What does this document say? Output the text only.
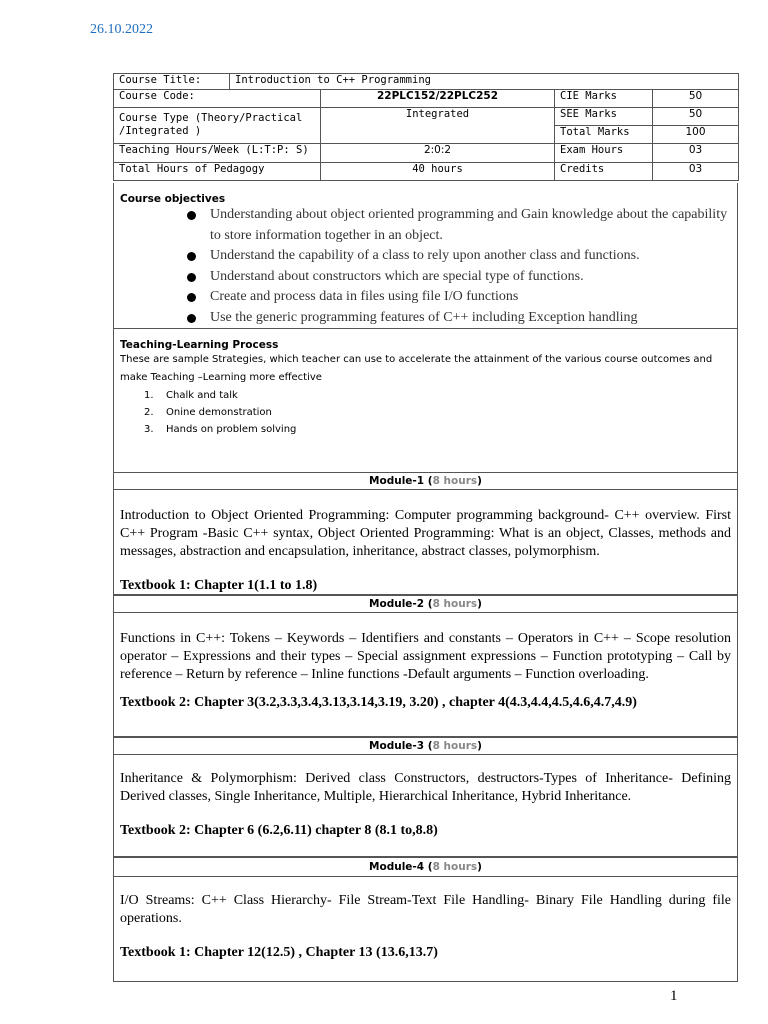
26.10.2022
Course Title:	Introduction to C++ Programming			
Course Code:		22PLC152/22PLC252	CIE Marks	50
Course Type (Theory/Practical /Integrated )		Integrated	SEE Marks	50
			Total Marks	100
Teaching Hours/Week (L:T:P: S)		2:0:2	Exam Hours	03
Total Hours of Pedagogy		40 hours	Credits	03
Course objectives
Understanding about object oriented programming and Gain knowledge about the capability to store information together in an object.
Understand the capability of a class to rely upon another class and functions.
Understand about constructors which are special type of functions.
Create and process data in files using file I/O functions
Use the generic programming features of C++ including Exception handling
Teaching-Learning Process
These are sample Strategies, which teacher can use to accelerate the attainment of the various course outcomes and make Teaching –Learning more effective
1. Chalk and talk
2. Onine demonstration
3. Hands on problem solving
Module-1 (8 hours)

Introduction to Object Oriented Programming: Computer programming background- C++ overview. First C++ Program -Basic C++ syntax, Object Oriented Programming: What is an object, Classes, methods and messages, abstraction and encapsulation, inheritance, abstract classes, polymorphism.

Textbook 1: Chapter 1(1.1 to 1.8)

Module-2 (8 hours)

Functions in C++: Tokens – Keywords – Identifiers and constants – Operators in C++ – Scope resolution operator – Expressions and their types – Special assignment expressions – Function prototyping – Call by reference – Return by reference – Inline functions -Default arguments – Function overloading.

Textbook 2: Chapter 3(3.2,3.3,3.4,3.13,3.14,3.19, 3.20) , chapter 4(4.3,4.4,4.5,4.6,4.7,4.9)

Module-3 (8 hours)

Inheritance & Polymorphism: Derived class Constructors, destructors-Types of Inheritance- Defining Derived classes, Single Inheritance, Multiple, Hierarchical Inheritance, Hybrid Inheritance.

Textbook 2: Chapter 6 (6.2,6.11) chapter 8 (8.1 to,8.8)

Module-4 (8 hours)

I/O Streams: C++ Class Hierarchy- File Stream-Text File Handling- Binary File Handling during file operations.

Textbook 1: Chapter 12(12.5) , Chapter 13 (13.6,13.7)

1
